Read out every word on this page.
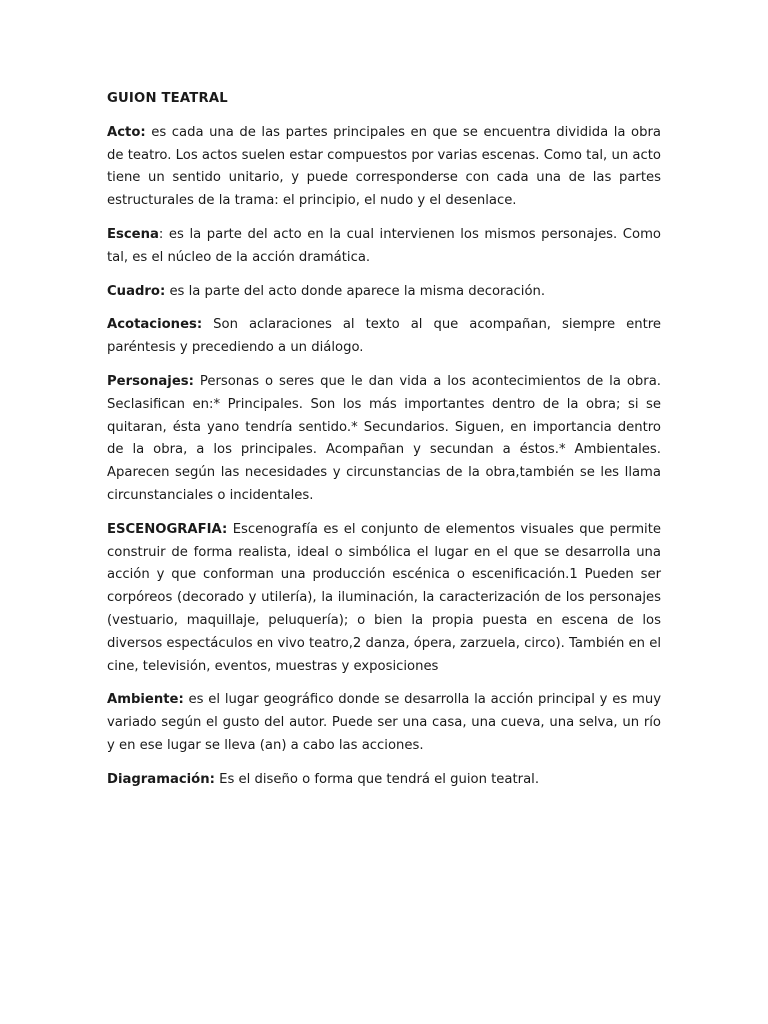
GUION TEATRAL

Acto: es cada una de las partes principales en que se encuentra dividida la obra de teatro. Los actos suelen estar compuestos por varias escenas. Como tal, un acto tiene un sentido unitario, y puede corresponderse con cada una de las partes estructurales de la trama: el principio, el nudo y el desenlace.

Escena: es la parte del acto en la cual intervienen los mismos personajes. Como tal, es el núcleo de la acción dramática.

Cuadro: es la parte del acto donde aparece la misma decoración.

Acotaciones: Son aclaraciones al texto al que acompañan, siempre entre paréntesis y precediendo a un diálogo.

Personajes: Personas o seres que le dan vida a los acontecimientos de la obra. Seclasifican en:* Principales. Son los más importantes dentro de la obra; si se quitaran, ésta yano tendría sentido.* Secundarios. Siguen, en importancia dentro de la obra, a los principales. Acompañan y secundan a éstos.* Ambientales. Aparecen según las necesidades y circunstancias de la obra,también se les llama circunstanciales o incidentales.

ESCENOGRAFIA: Escenografía es el conjunto de elementos visuales que permite construir de forma realista, ideal o simbólica el lugar en el que se desarrolla una acción y que conforman una producción escénica o escenificación.1 Pueden ser corpóreos (decorado y utilería), la iluminación, la caracterización de los personajes (vestuario, maquillaje, peluquería); o bien la propia puesta en escena de los diversos espectáculos en vivo teatro,2 danza, ópera, zarzuela, circo). También en el cine, televisión, eventos, muestras y exposiciones

Ambiente: es el lugar geográfico donde se desarrolla la acción principal y es muy variado según el gusto del autor. Puede ser una casa, una cueva, una selva, un río y en ese lugar se lleva (an) a cabo las acciones.

Diagramación: Es el diseño o forma que tendrá el guion teatral.
